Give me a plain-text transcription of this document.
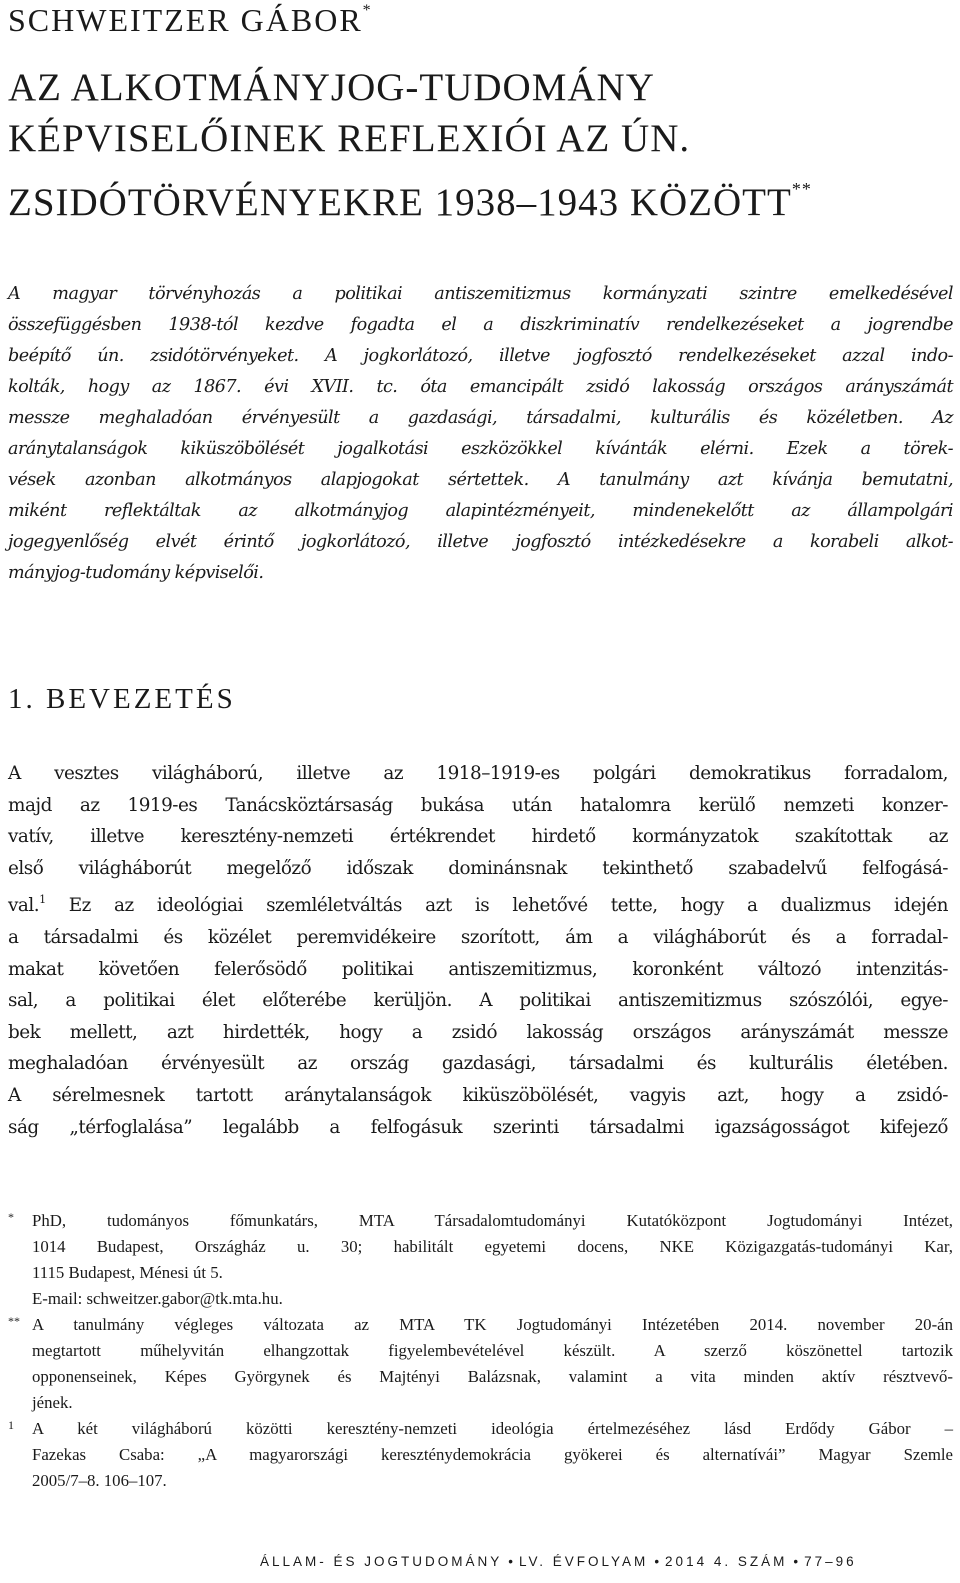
SCHWEITZER GÁBOR*
AZ ALKOTMÁNYJOG-TUDOMÁNY
KÉPVISELŐINEK REFLEXIÓI AZ ÚN.
ZSIDÓTÖRVÉNYEKRE 1938–1943 KÖZÖTT**
A magyar törvényhozás a politikai antiszemitizmus kormányzati szintre emelkedésével
összefüggésben 1938-tól kezdve fogadta el a diszkriminatív rendelkezéseket a jogrendbe
beépítő ún. zsidótörvényeket. A jogkorlátozó, illetve jogfosztó rendelkezéseket azzal indo-
kolták, hogy az 1867. évi XVII. tc. óta emancipált zsidó lakosság országos arányszámát
messze meghaladóan érvényesült a gazdasági, társadalmi, kulturális és közéletben. Az
aránytalanságok kiküszöbölését jogalkotási eszközökkel kívánták elérni. Ezek a törek-
vések azonban alkotmányos alapjogokat sértettek. A tanulmány azt kívánja bemutatni,
miként reflektáltak az alkotmányjog alapintézményeit, mindenekelőtt az állampolgári
jogegyenlőség elvét érintő jogkorlátozó, illetve jogfosztó intézkedésekre a korabeli alkot-
mányjog-tudomány képviselői.
1. BEVEZETÉS
A vesztes világháború, illetve az 1918–1919-es polgári demokratikus forradalom,
majd az 1919-es Tanácsköztársaság bukása után hatalomra kerülő nemzeti konzer-
vatív, illetve keresztény-nemzeti értékrendet hirdető kormányzatok szakítottak az
első világháborút megelőző időszak dominánsnak tekinthető szabadelvű felfogásá-
val.$^1$ Ez az ideológiai szemléletváltás azt is lehetővé tette, hogy a dualizmus idején
a társadalmi és közélet peremvidékeire szorított, ám a világháborút és a forradal-
makat követően felerősödő politikai antiszemitizmus, koronként változó intenzitás-
sal, a politikai élet előterébe kerüljön. A politikai antiszemitizmus szószólói, egye-
bek mellett, azt hirdették, hogy a zsidó lakosság országos arányszámát messze
meghaladóan érvényesült az ország gazdasági, társadalmi és kulturális életében.
A sérelmesnek tartott aránytalanságok kiküszöbölését, vagyis azt, hogy a zsidó-
ság „térfoglalása” legalább a felfogásuk szerinti társadalmi igazságosságot kifejező
* PhD, tudományos főmunkatárs, MTA Társadalomtudományi Kutatóközpont Jogtudományi Intézet,
1014 Budapest, Országház u. 30; habilitált egyetemi docens, NKE Közigazgatás-tudományi Kar,
1115 Budapest, Ménesi út 5.
E-mail: schweitzer.gabor@tk.mta.hu.
** A tanulmány végleges változata az MTA TK Jogtudományi Intézetében 2014. november 20-án
megtartott műhelyvitán elhangzottak figyelembevételével készült. A szerző köszönettel tartozik
opponenseinek, Képes Györgynek és Majtényi Balázsnak, valamint a vita minden aktív résztvevő-
jének.
1 A két világháború közötti keresztény-nemzeti ideológia értelmezéséhez lásd Erdődy Gábor –
Fazekas Csaba: „A magyarországi kereszténydemokrácia gyökerei és alternatívái” Magyar Szemle
2005/7–8. 106–107.
ÁLLAM- ÉS JOGTUDOMÁNY • LV. ÉVFOLYAM • 2014 4. SZÁM • 77–96
